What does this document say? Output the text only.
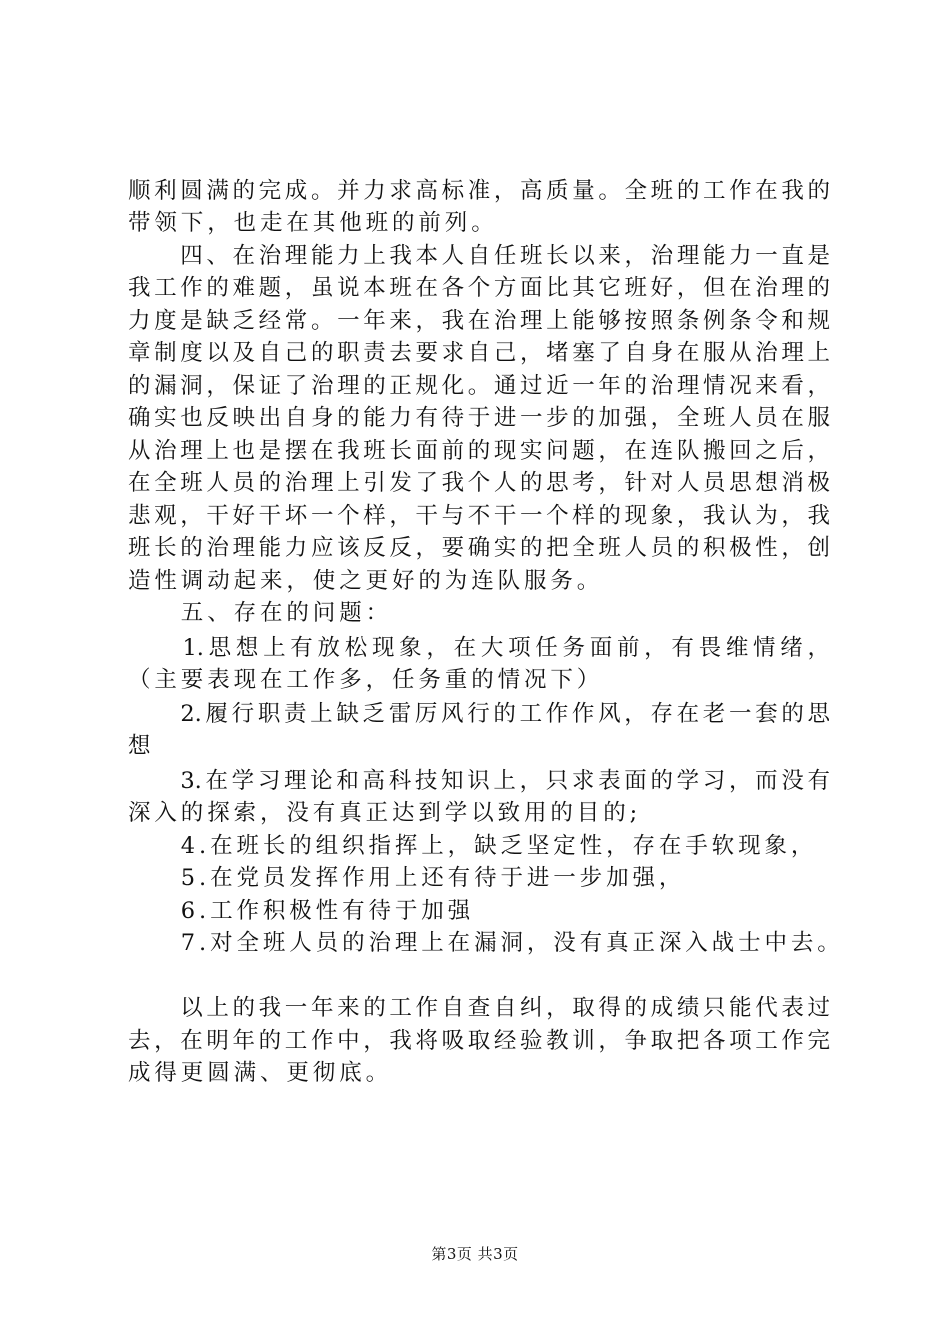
顺利圆满的完成。并力求高标准，高质量。全班的工作在我的
带领下，也走在其他班的前列。
　　四、在治理能力上我本人自任班长以来，治理能力一直是
我工作的难题，虽说本班在各个方面比其它班好，但在治理的
力度是缺乏经常。一年来，我在治理上能够按照条例条令和规
章制度以及自己的职责去要求自己，堵塞了自身在服从治理上
的漏洞，保证了治理的正规化。通过近一年的治理情况来看，
确实也反映出自身的能力有待于进一步的加强，全班人员在服
从治理上也是摆在我班长面前的现实问题，在连队搬回之后，
在全班人员的治理上引发了我个人的思考，针对人员思想消极
悲观，干好干坏一个样，干与不干一个样的现象，我认为，我
班长的治理能力应该反反，要确实的把全班人员的积极性，创
造性调动起来，使之更好的为连队服务。
　　五、存在的问题：
　　1.思想上有放松现象，在大项任务面前，有畏维情绪，
（主要表现在工作多，任务重的情况下）
　　2.履行职责上缺乏雷厉风行的工作作风，存在老一套的思
想
　　3.在学习理论和高科技知识上，只求表面的学习，而没有
深入的探索，没有真正达到学以致用的目的;
　　4.在班长的组织指挥上，缺乏坚定性，存在手软现象，
　　5.在党员发挥作用上还有待于进一步加强，
　　6.工作积极性有待于加强
　　7.对全班人员的治理上在漏洞，没有真正深入战士中去。
　　以上的我一年来的工作自查自纠，取得的成绩只能代表过
去，在明年的工作中，我将吸取经验教训，争取把各项工作完
成得更圆满、更彻底。
第3页 共3页
